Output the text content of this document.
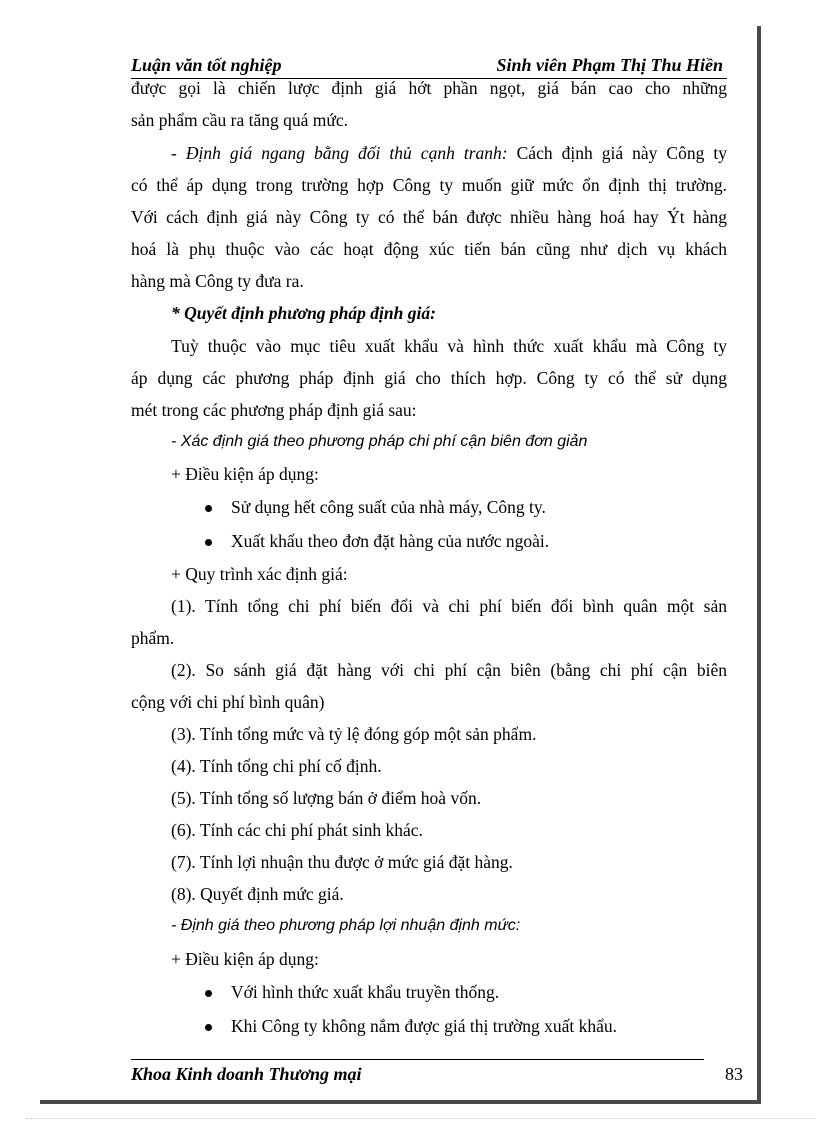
Luận văn tốt nghiệp	Sinh viên Phạm Thị Thu Hiền
được gọi là chiến lược định giá hớt phần ngọt, giá bán cao cho những
sản phẩm cầu ra tăng quá mức.
- Định giá ngang bằng đối thủ cạnh tranh: Cách định giá này Công ty
có thể áp dụng trong trường hợp Công ty muốn giữ mức ổn định thị trường.
Với cách định giá này Công ty có thể bán được nhiều hàng hoá hay Ýt hàng
hoá là phụ thuộc vào các hoạt động xúc tiến bán cũng như dịch vụ khách
hàng mà Công ty đưa ra.
* Quyết định phương pháp định giá:
Tuỳ thuộc vào mục tiêu xuất khẩu và hình thức xuất khẩu mà Công ty
áp dụng các phương pháp định giá cho thích hợp. Công ty có thể sử dụng
mét trong các phương pháp định giá sau:
- Xác định giá theo phương pháp chi phí cận biên đơn giản
+ Điều kiện áp dụng:
Sử dụng hết công suất của nhà máy, Công ty.
Xuất khẩu theo đơn đặt hàng của nước ngoài.
+ Quy trình xác định giá:
(1). Tính tổng chi phí biến đổi và chi phí biến đổi bình quân một sản
phẩm.
(2). So sánh giá đặt hàng với chi phí cận biên (bằng chi phí cận biên
cộng với chi phí bình quân)
(3). Tính tổng mức và tỷ lệ đóng góp một sản phẩm.
(4). Tính tổng chi phí cố định.
(5). Tính tổng số lượng bán ở điểm hoà vốn.
(6). Tính các chi phí phát sinh khác.
(7). Tính lợi nhuận thu được ở mức giá đặt hàng.
(8). Quyết định mức giá.
- Định giá theo phương pháp lợi nhuận định mức:
+ Điều kiện áp dụng:
Với hình thức xuất khẩu truyền thống.
Khi Công ty không nắm được giá thị trường xuất khẩu.
Khoa Kinh doanh Thương mại	83
